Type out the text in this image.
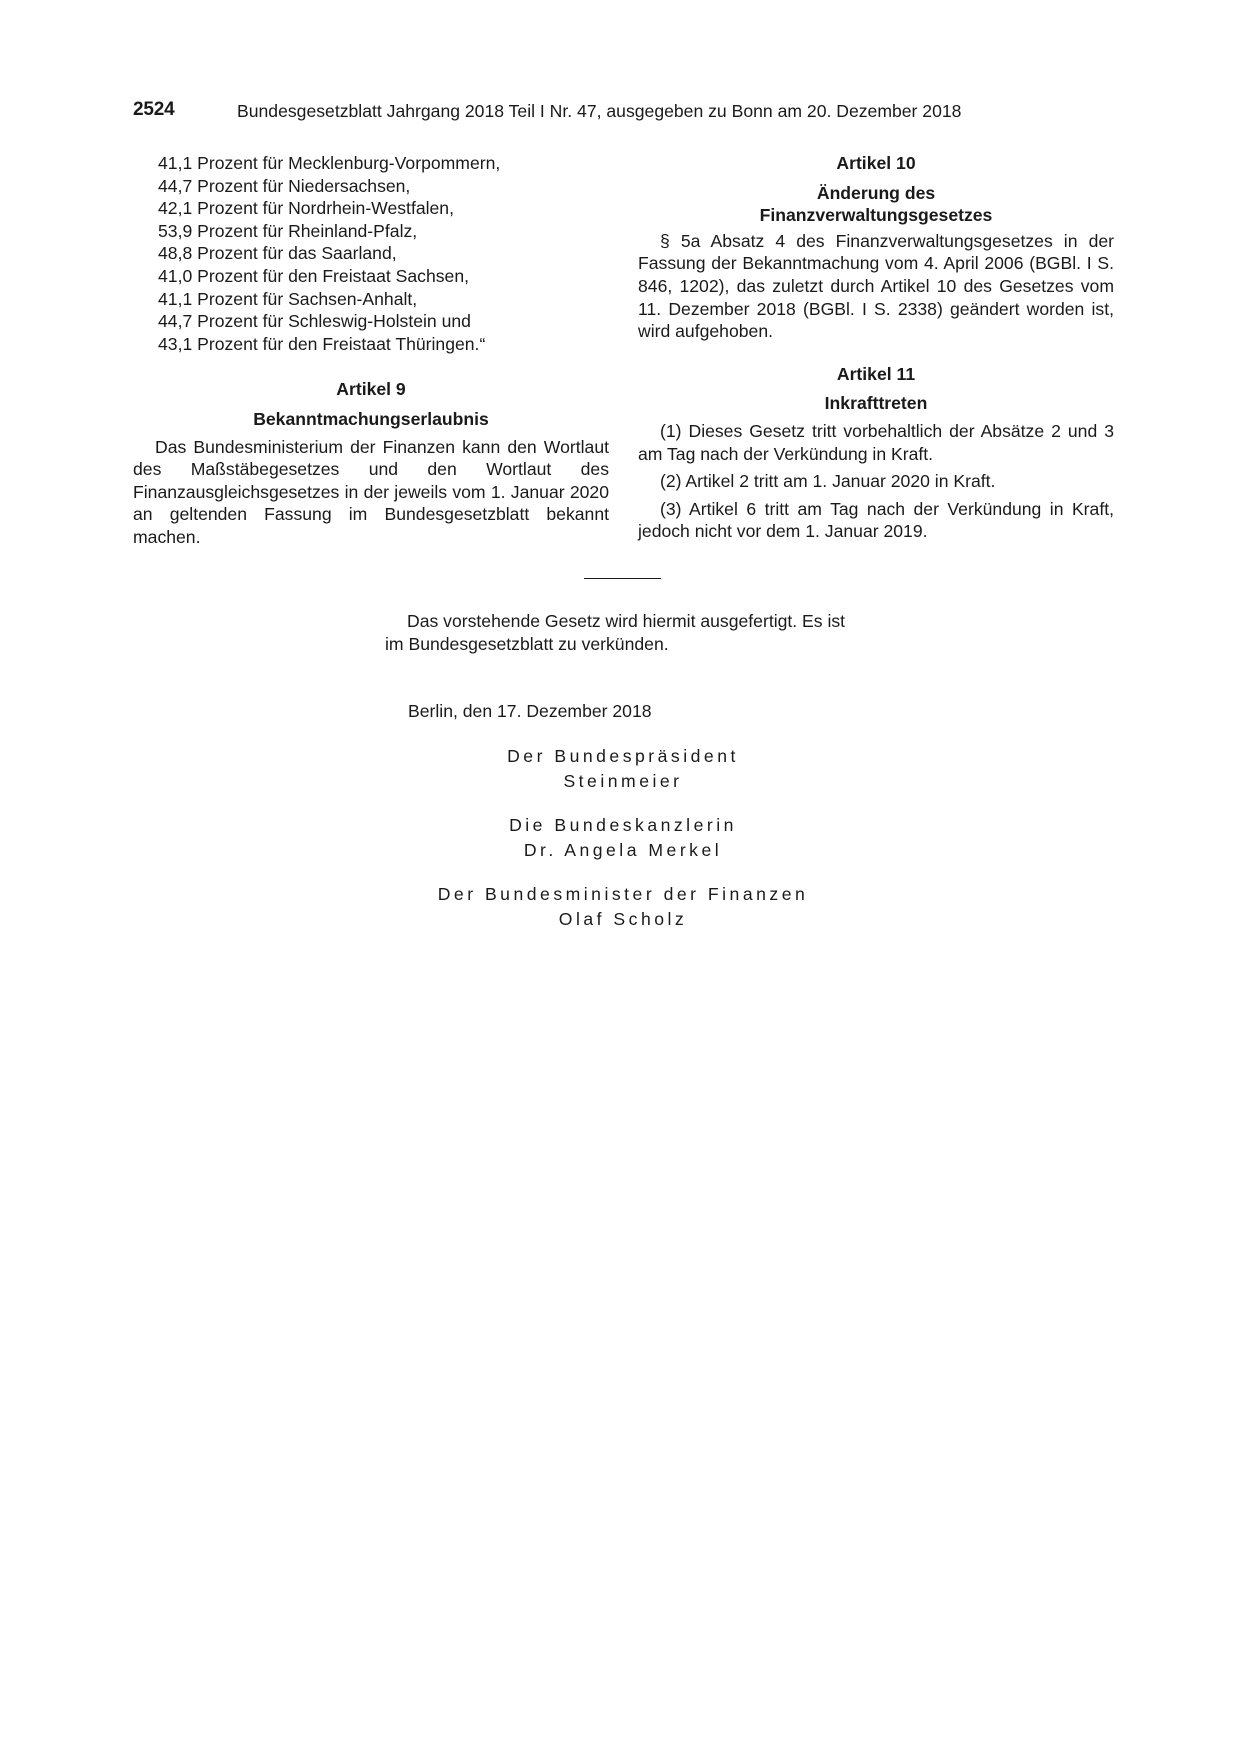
2524	Bundesgesetzblatt Jahrgang 2018 Teil I Nr. 47, ausgegeben zu Bonn am 20. Dezember 2018
41,1 Prozent für Mecklenburg-Vorpommern,
44,7 Prozent für Niedersachsen,
42,1 Prozent für Nordrhein-Westfalen,
53,9 Prozent für Rheinland-Pfalz,
48,8 Prozent für das Saarland,
41,0 Prozent für den Freistaat Sachsen,
41,1 Prozent für Sachsen-Anhalt,
44,7 Prozent für Schleswig-Holstein und
43,1 Prozent für den Freistaat Thüringen.“
Artikel 9
Bekanntmachungserlaubnis
Das Bundesministerium der Finanzen kann den Wortlaut des Maßstäbegesetzes und den Wortlaut des Finanzausgleichsgesetzes in der jeweils vom 1. Januar 2020 an geltenden Fassung im Bundesgesetzblatt bekannt machen.
Artikel 10
Änderung des
Finanzverwaltungsgesetzes
§ 5a Absatz 4 des Finanzverwaltungsgesetzes in der Fassung der Bekanntmachung vom 4. April 2006 (BGBl. I S. 846, 1202), das zuletzt durch Artikel 10 des Gesetzes vom 11. Dezember 2018 (BGBl. I S. 2338) geändert worden ist, wird aufgehoben.
Artikel 11
Inkrafttreten
(1) Dieses Gesetz tritt vorbehaltlich der Absätze 2 und 3 am Tag nach der Verkündung in Kraft.
(2) Artikel 2 tritt am 1. Januar 2020 in Kraft.
(3) Artikel 6 tritt am Tag nach der Verkündung in Kraft, jedoch nicht vor dem 1. Januar 2019.
Das vorstehende Gesetz wird hiermit ausgefertigt. Es ist im Bundesgesetzblatt zu verkünden.
Berlin, den 17. Dezember 2018
Der Bundespräsident
Steinmeier
Die Bundeskanzlerin
Dr. Angela Merkel
Der Bundesminister der Finanzen
Olaf Scholz
